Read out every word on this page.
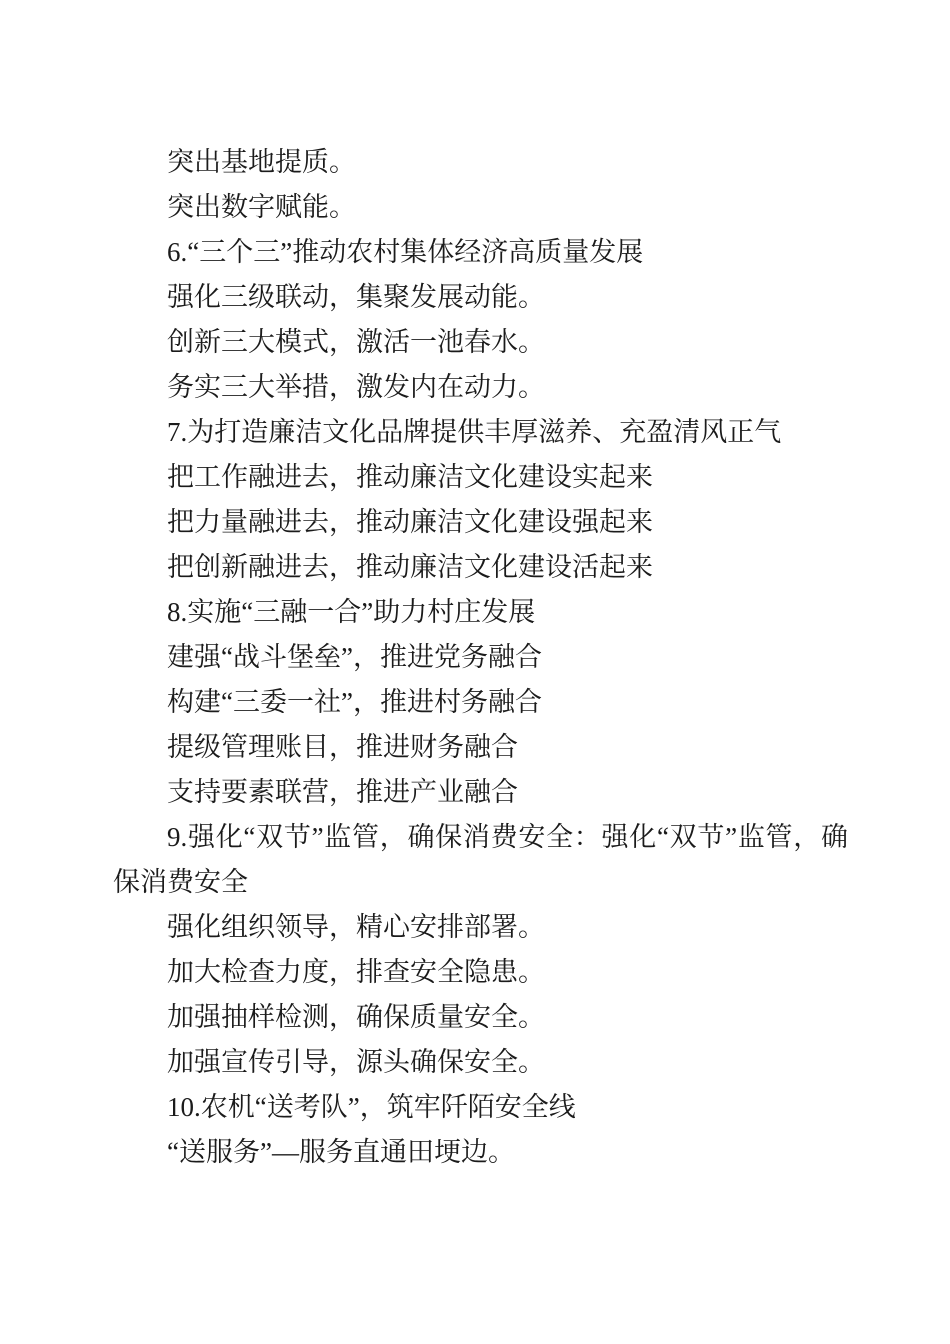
突出基地提质。

突出数字赋能。

6.“三个三”推动农村集体经济高质量发展

强化三级联动，集聚发展动能。

创新三大模式，激活一池春水。

务实三大举措，激发内在动力。

7.为打造廉洁文化品牌提供丰厚滋养、充盈清风正气

把工作融进去，推动廉洁文化建设实起来

把力量融进去，推动廉洁文化建设强起来

把创新融进去，推动廉洁文化建设活起来

8.实施“三融一合”助力村庄发展

建强“战斗堡垒”，推进党务融合

构建“三委一社”，推进村务融合

提级管理账目，推进财务融合

支持要素联营，推进产业融合

9.强化“双节”监管，确保消费安全：强化“双节”监管，确保消费安全

强化组织领导，精心安排部署。

加大检查力度，排查安全隐患。

加强抽样检测，确保质量安全。

加强宣传引导，源头确保安全。

10.农机“送考队”，筑牢阡陌安全线

“送服务”—服务直通田埂边。
